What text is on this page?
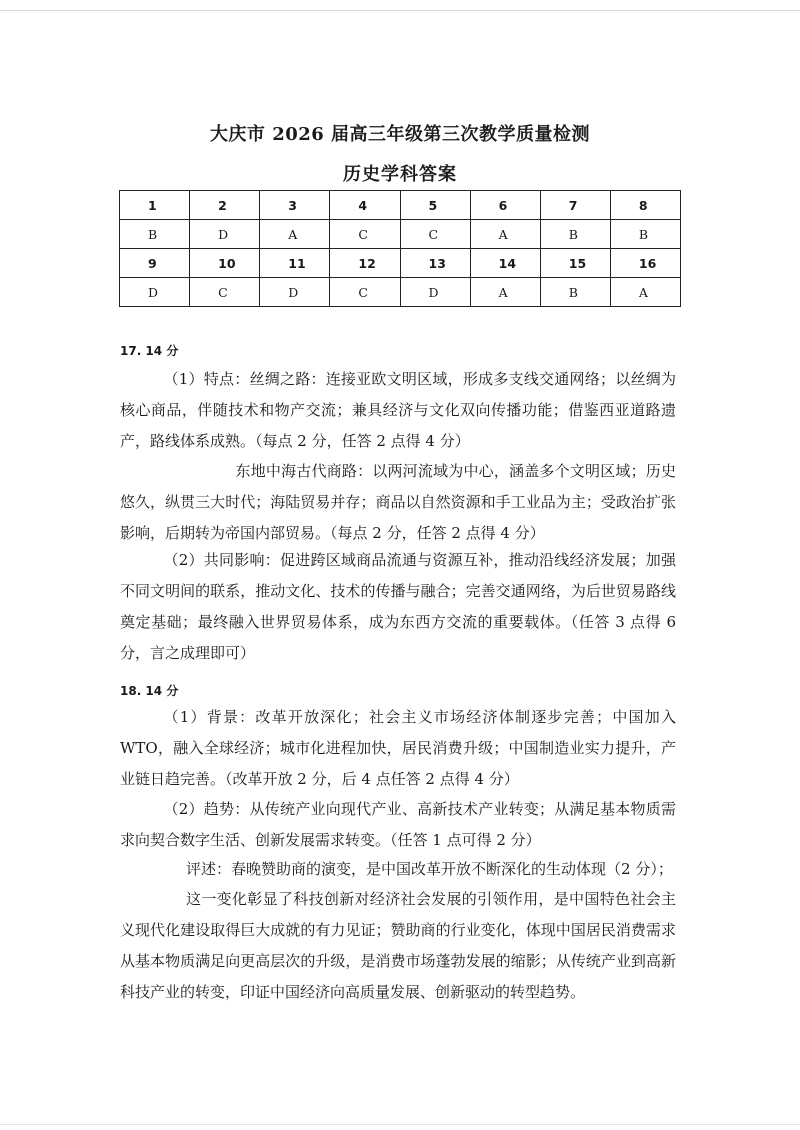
大庆市 2026 届高三年级第三次教学质量检测
历史学科答案
1	2	3	4	5	6	7	8
B	D	A	C	C	A	B	B
9	10	11	12	13	14	15	16
D	C	D	C	D	A	B	A
17. 14 分

（1）特点：丝绸之路：连接亚欧文明区域，形成多支线交通网络；以丝绸为核心商品，伴随技术和物产交流；兼具经济与文化双向传播功能；借鉴西亚道路遗产，路线体系成熟。（每点 2 分，任答 2 点得 4 分）

东地中海古代商路：以两河流域为中心，涵盖多个文明区域；历史悠久，纵贯三大时代；海陆贸易并存；商品以自然资源和手工业品为主；受政治扩张影响，后期转为帝国内部贸易。（每点 2 分，任答 2 点得 4 分）

（2）共同影响：促进跨区域商品流通与资源互补，推动沿线经济发展；加强不同文明间的联系，推动文化、技术的传播与融合；完善交通网络，为后世贸易路线奠定基础；最终融入世界贸易体系，成为东西方交流的重要载体。（任答 3 点得 6 分，言之成理即可）

18. 14 分

（1）背景：改革开放深化；社会主义市场经济体制逐步完善；中国加入 WTO，融入全球经济；城市化进程加快，居民消费升级；中国制造业实力提升，产业链日趋完善。（改革开放 2 分，后 4 点任答 2 点得 4 分）

（2）趋势：从传统产业向现代产业、高新技术产业转变；从满足基本物质需求向契合数字生活、创新发展需求转变。（任答 1 点可得 2 分）

评述：春晚赞助商的演变，是中国改革开放不断深化的生动体现（2 分）；

这一变化彰显了科技创新对经济社会发展的引领作用，是中国特色社会主义现代化建设取得巨大成就的有力见证；赞助商的行业变化，体现中国居民消费需求从基本物质满足向更高层次的升级，是消费市场蓬勃发展的缩影；从传统产业到高新科技产业的转变，印证中国经济向高质量发展、创新驱动的转型趋势。
